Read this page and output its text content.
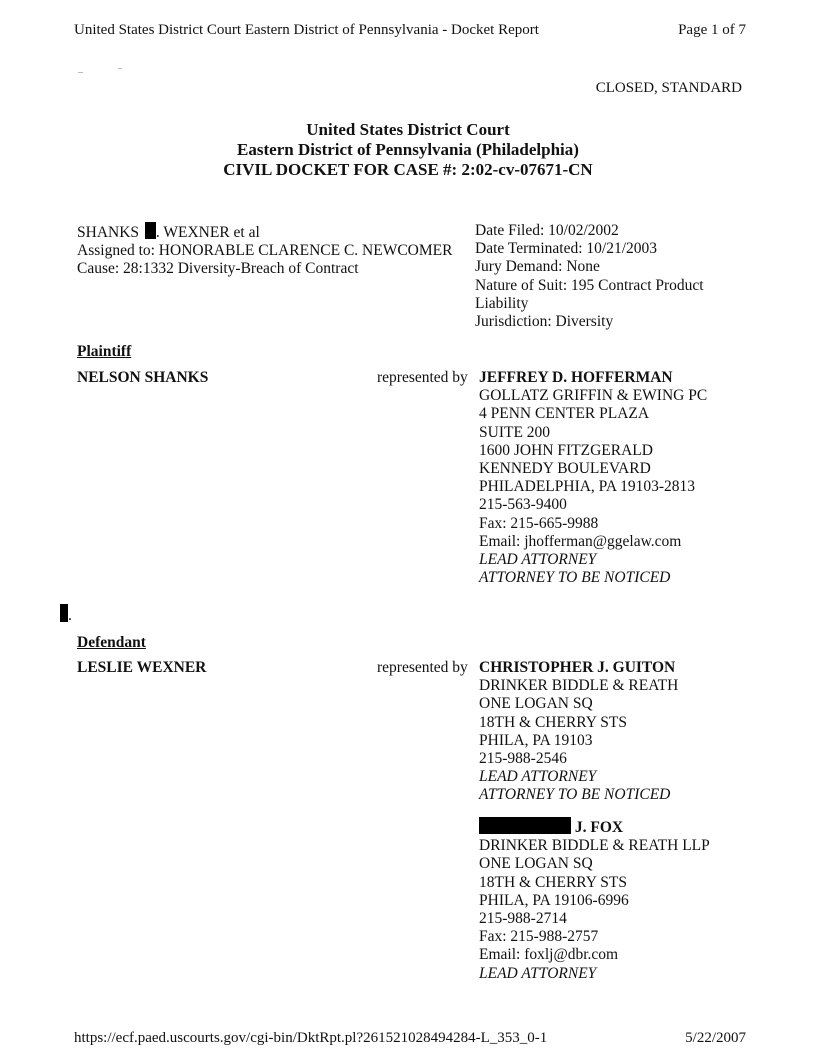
United States District Court Eastern District of Pennsylvania - Docket Report	Page 1 of 7
CLOSED, STANDARD
United States District Court
Eastern District of Pennsylvania (Philadelphia)
CIVIL DOCKET FOR CASE #: 2:02-cv-07671-CN
SHANKS . WEXNER et al
Assigned to: HONORABLE CLARENCE C. NEWCOMER
Cause: 28:1332 Diversity-Breach of Contract
Date Filed: 10/02/2002
Date Terminated: 10/21/2003
Jury Demand: None
Nature of Suit: 195 Contract Product
Liability
Jurisdiction: Diversity
Plaintiff
NELSON SHANKS	represented by JEFFREY D. HOFFERMAN
GOLLATZ GRIFFIN & EWING PC
4 PENN CENTER PLAZA
SUITE 200
1600 JOHN FITZGERALD
KENNEDY BOULEVARD
PHILADELPHIA, PA 19103-2813
215-563-9400
Fax: 215-665-9988
Email: jhofferman@ggelaw.com
LEAD ATTORNEY
ATTORNEY TO BE NOTICED
.
Defendant
LESLIE WEXNER	represented by CHRISTOPHER J. GUITON
DRINKER BIDDLE & REATH
ONE LOGAN SQ
18TH & CHERRY STS
PHILA, PA 19103
215-988-2546
LEAD ATTORNEY
ATTORNEY TO BE NOTICED
J. FOX
DRINKER BIDDLE & REATH LLP
ONE LOGAN SQ
18TH & CHERRY STS
PHILA, PA 19106-6996
215-988-2714
Fax: 215-988-2757
Email: foxlj@dbr.com
LEAD ATTORNEY
https://ecf.paed.uscourts.gov/cgi-bin/DktRpt.pl?261521028494284-L_353_0-1	5/22/2007
